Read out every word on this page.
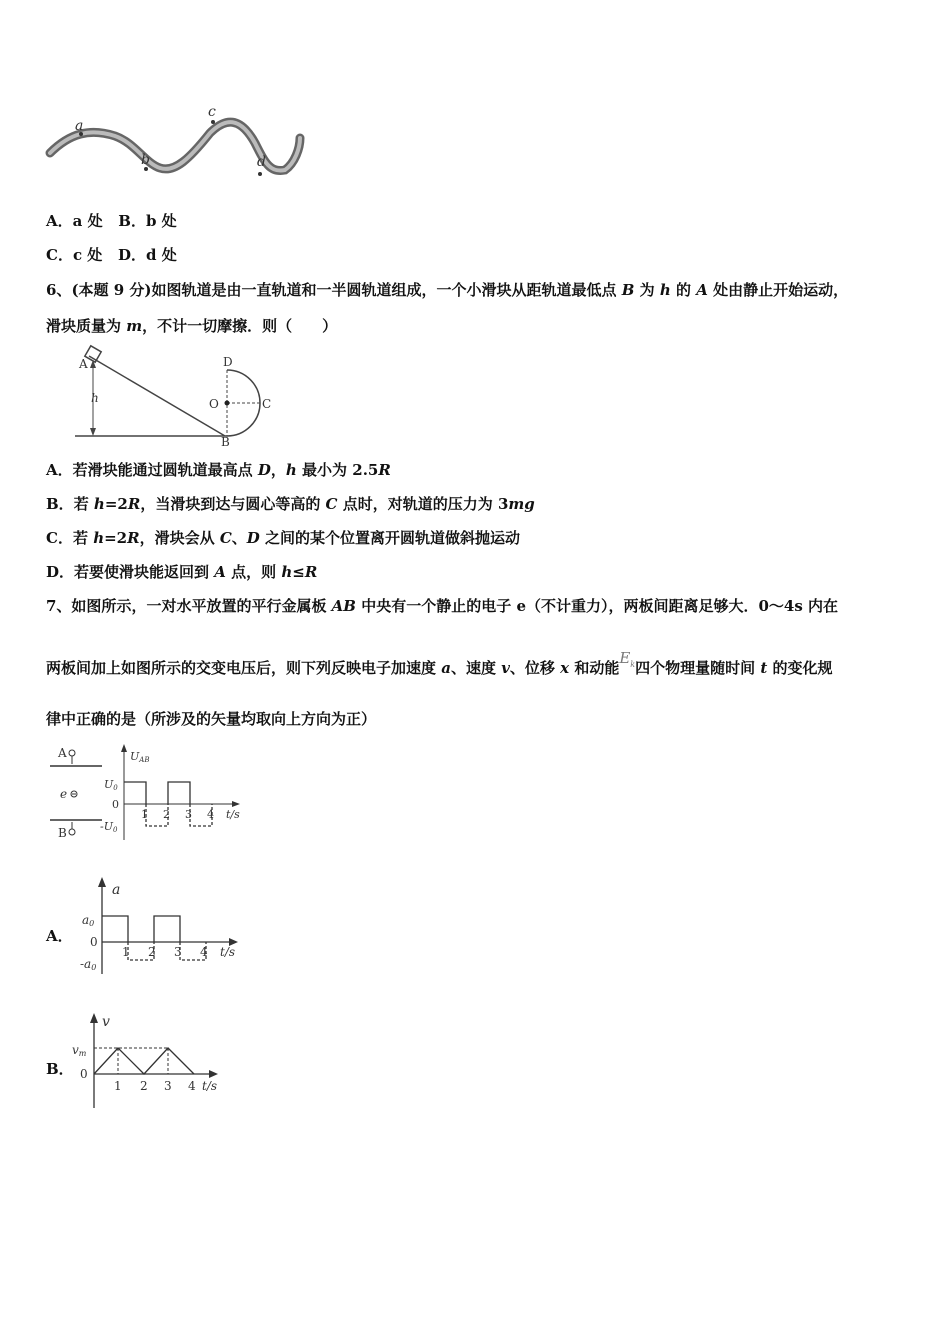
a
b
c
d
A．a 处 B．b 处
C．c 处 D．d 处
6、(本题 9 分)如图轨道是由一直轨道和一半圆轨道组成，一个小滑块从距轨道最低点 B 为 h 的 A 处由静止开始运动，
滑块质量为 m，不计一切摩擦．则（　　）
A
h
D
O	C
B
A．若滑块能通过圆轨道最高点 D，h 最小为 2.5R
B．若 h=2R，当滑块到达与圆心等高的 C 点时，对轨道的压力为 3mg
C．若 h=2R，滑块会从 C、D 之间的某个位置离开圆轨道做斜抛运动
D．若要使滑块能返回到 A 点，则 h≤R
7、如图所示，一对水平放置的平行金属板 AB 中央有一个静止的电子 e（不计重力），两板间距离足够大．0～4s 内在
两板间加上如图所示的交变电压后，则下列反映电子加速度 a、速度 v、位移 x 和动能$E_k$四个物理量随时间 t 的变化规
律中正确的是（所涉及的矢量均取向上方向为正）
A
e
B
UAB
U0
0
-U0
1 2 3 4 t/s
A．
a
a0
0
-a0
1 2 3 4 t/s
B．
v
vm
0
1 2 3 4 t/s
